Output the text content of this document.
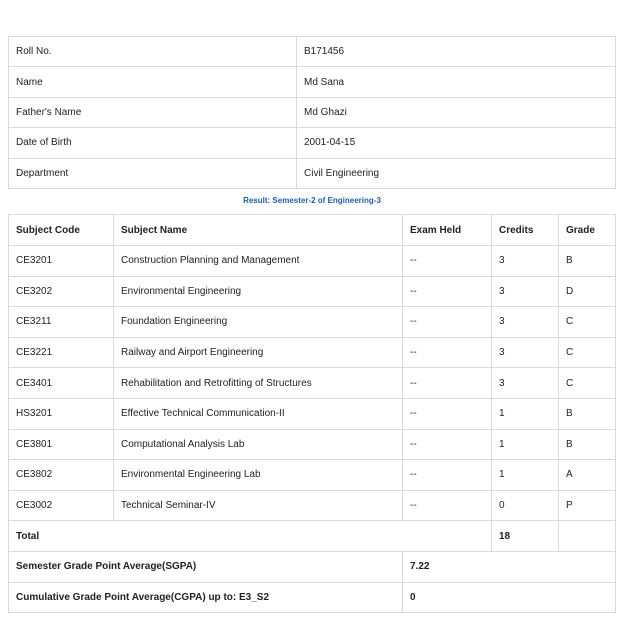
Roll No.	B171456
Name	Md Sana
Father's Name	Md Ghazi
Date of Birth	2001-04-15
Department	Civil Engineering
Result: Semester-2 of Engineering-3
Subject Code	Subject Name	Exam Held	Credits	Grade
CE3201	Construction Planning and Management	--	3	B
CE3202	Environmental Engineering	--	3	D
CE3211	Foundation Engineering	--	3	C
CE3221	Railway and Airport Engineering	--	3	C
CE3401	Rehabilitation and Retrofitting of Structures	--	3	C
HS3201	Effective Technical Communication-II	--	1	B
CE3801	Computational Analysis Lab	--	1	B
CE3802	Environmental Engineering Lab	--	1	A
CE3002	Technical Seminar-IV	--	0	P
Total			18	
Semester Grade Point Average(SGPA)		7.22		
Cumulative Grade Point Average(CGPA) up to: E3_S2		0		
